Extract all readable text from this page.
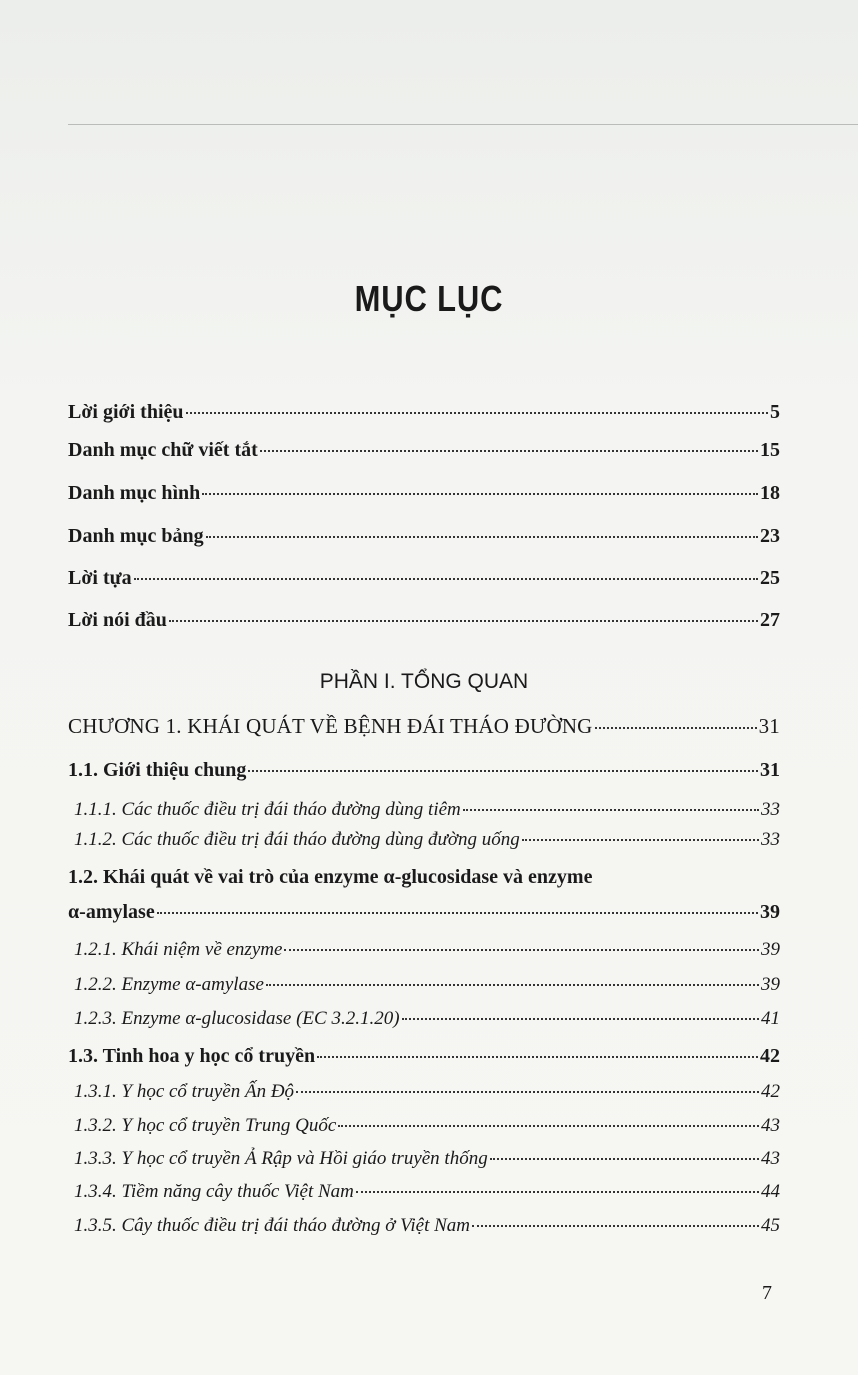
MỤC LỤC
Lời giới thiệu	5
Danh mục chữ viết tắt	15
Danh mục hình	18
Danh mục bảng	23
Lời tựa	25
Lời nói đầu	27
PHẦN I. TỔNG QUAN
CHƯƠNG 1. KHÁI QUÁT VỀ BỆNH ĐÁI THÁO ĐƯỜNG	31
1.1. Giới thiệu chung	31
1.1.1. Các thuốc điều trị đái tháo đường dùng tiêm	33
1.1.2. Các thuốc điều trị đái tháo đường dùng đường uống	33
1.2. Khái quát về vai trò của enzyme α-glucosidase và enzyme
α-amylase	39
1.2.1. Khái niệm về enzyme	39
1.2.2. Enzyme α-amylase	39
1.2.3. Enzyme α-glucosidase (EC 3.2.1.20)	41
1.3. Tinh hoa y học cổ truyền	42
1.3.1. Y học cổ truyền Ấn Độ	42
1.3.2. Y học cổ truyền Trung Quốc	43
1.3.3. Y học cổ truyền Ả Rập và Hồi giáo truyền thống	43
1.3.4. Tiềm năng cây thuốc Việt Nam	44
1.3.5. Cây thuốc điều trị đái tháo đường ở Việt Nam	45
7
